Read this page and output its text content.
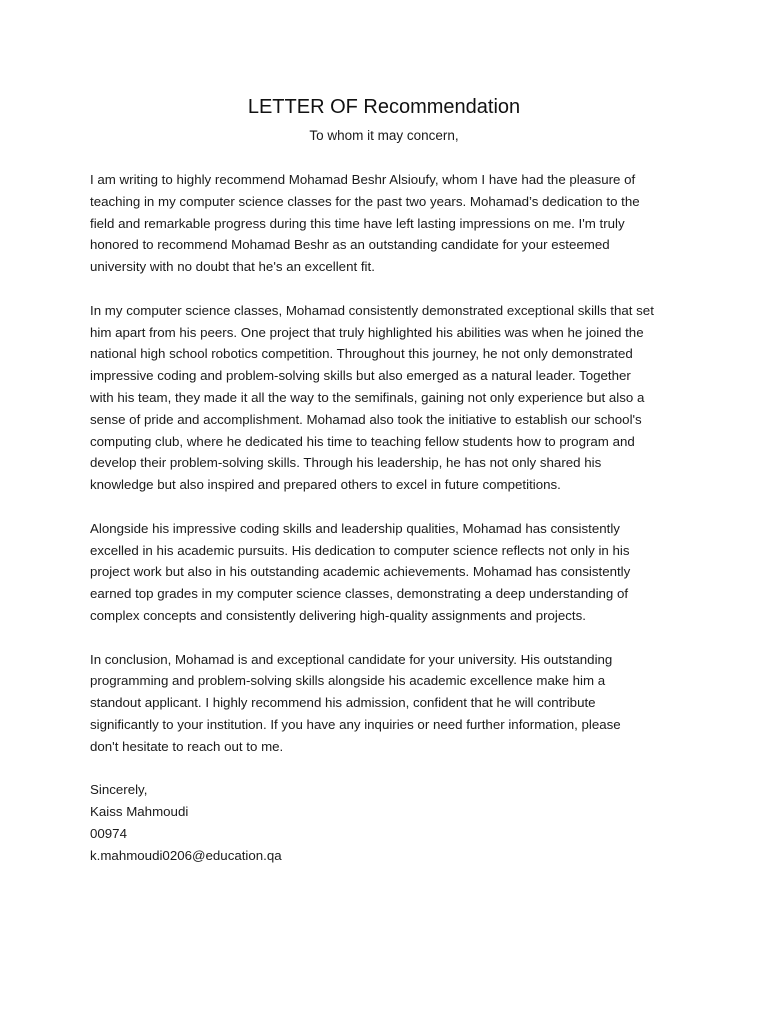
LETTER OF Recommendation
To whom it may concern,

I am writing to highly recommend Mohamad Beshr Alsioufy, whom I have had the pleasure of
teaching in my computer science classes for the past two years. Mohamad’s dedication to the
field and remarkable progress during this time have left lasting impressions on me. I'm truly
honored to recommend Mohamad Beshr as an outstanding candidate for your esteemed
university with no doubt that he's an excellent fit.

In my computer science classes, Mohamad consistently demonstrated exceptional skills that set
him apart from his peers. One project that truly highlighted his abilities was when he joined the
national high school robotics competition. Throughout this journey, he not only demonstrated
impressive coding and problem-solving skills but also emerged as a natural leader. Together
with his team, they made it all the way to the semifinals, gaining not only experience but also a
sense of pride and accomplishment. Mohamad also took the initiative to establish our school's
computing club, where he dedicated his time to teaching fellow students how to program and
develop their problem-solving skills. Through his leadership, he has not only shared his
knowledge but also inspired and prepared others to excel in future competitions.

Alongside his impressive coding skills and leadership qualities, Mohamad has consistently
excelled in his academic pursuits. His dedication to computer science reflects not only in his
project work but also in his outstanding academic achievements. Mohamad has consistently
earned top grades in my computer science classes, demonstrating a deep understanding of
complex concepts and consistently delivering high-quality assignments and projects.

In conclusion, Mohamad is and exceptional candidate for your university. His outstanding
programming and problem-solving skills alongside his academic excellence make him a
standout applicant. I highly recommend his admission, confident that he will contribute
significantly to your institution. If you have any inquiries or need further information, please
don't hesitate to reach out to me.

Sincerely,
Kaiss Mahmoudi
00974
k.mahmoudi0206@education.qa
